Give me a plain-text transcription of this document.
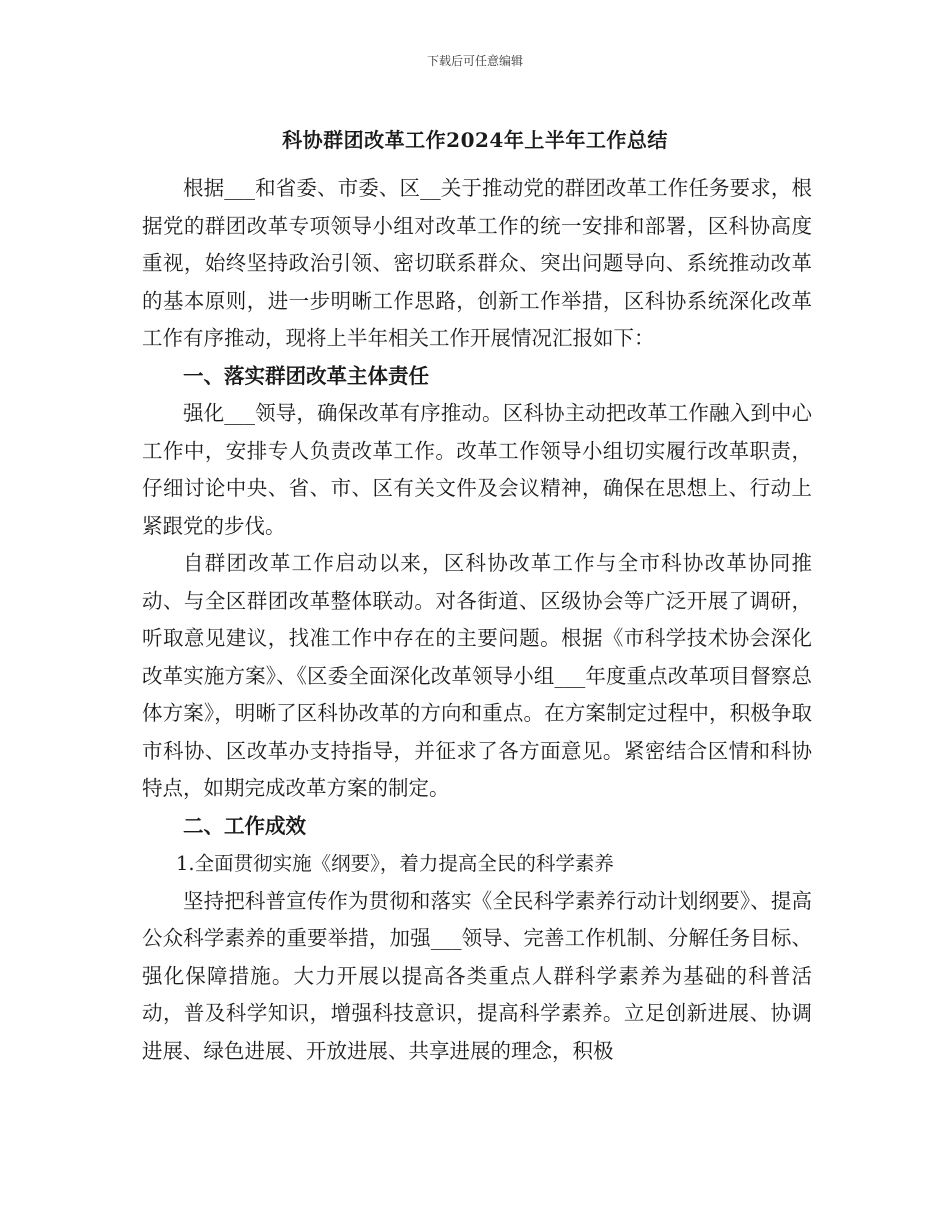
下载后可任意编辑
科协群团改革工作2024年上半年工作总结

根据___和省委、市委、区__关于推动党的群团改革工作任务要求，根据党的群团改革专项领导小组对改革工作的统一安排和部署，区科协高度重视，始终坚持政治引领、密切联系群众、突出问题导向、系统推动改革的基本原则，进一步明晰工作思路，创新工作举措，区科协系统深化改革工作有序推动，现将上半年相关工作开展情况汇报如下：

一、落实群团改革主体责任

强化___领导，确保改革有序推动。区科协主动把改革工作融入到中心工作中，安排专人负责改革工作。改革工作领导小组切实履行改革职责，仔细讨论中央、省、市、区有关文件及会议精神，确保在思想上、行动上紧跟党的步伐。

自群团改革工作启动以来，区科协改革工作与全市科协改革协同推动、与全区群团改革整体联动。对各街道、区级协会等广泛开展了调研，听取意见建议，找准工作中存在的主要问题。根据《市科学技术协会深化改革实施方案》、《区委全面深化改革领导小组___年度重点改革项目督察总体方案》，明晰了区科协改革的方向和重点。在方案制定过程中，积极争取市科协、区改革办支持指导，并征求了各方面意见。紧密结合区情和科协特点，如期完成改革方案的制定。

二、工作成效

1.全面贯彻实施《纲要》，着力提高全民的科学素养

坚持把科普宣传作为贯彻和落实《全民科学素养行动计划纲要》、提高公众科学素养的重要举措，加强___领导、完善工作机制、分解任务目标、强化保障措施。大力开展以提高各类重点人群科学素养为基础的科普活动，普及科学知识，增强科技意识，提高科学素养。立足创新进展、协调进展、绿色进展、开放进展、共享进展的理念，积极
